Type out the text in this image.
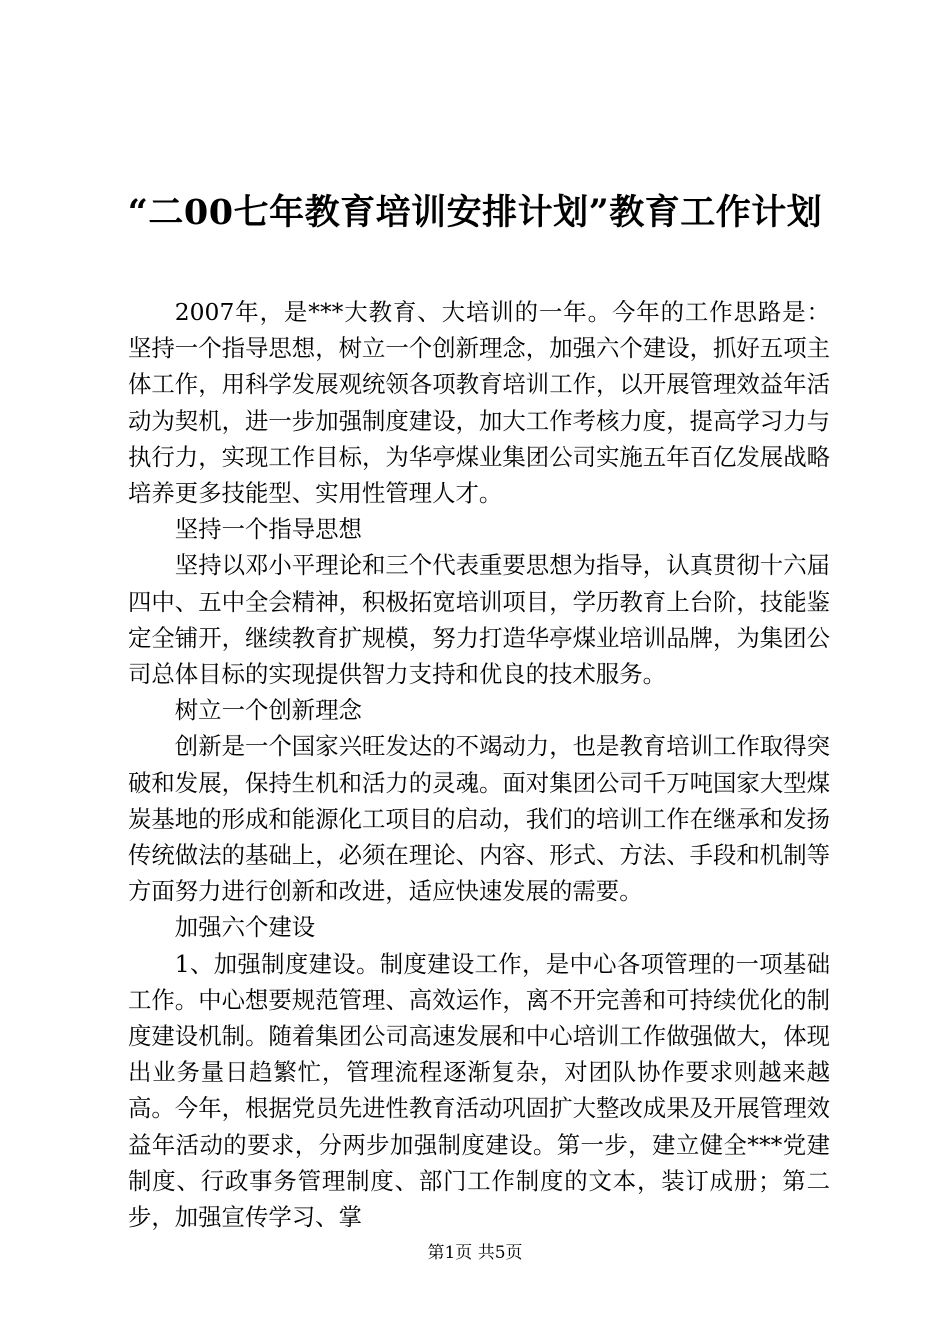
“二00七年教育培训安排计划”教育工作计划

2007年，是***大教育、大培训的一年。今年的工作思路是：坚持一个指导思想，树立一个创新理念，加强六个建设，抓好五项主体工作，用科学发展观统领各项教育培训工作，以开展管理效益年活动为契机，进一步加强制度建设，加大工作考核力度，提高学习力与执行力，实现工作目标，为华亭煤业集团公司实施五年百亿发展战略培养更多技能型、实用性管理人才。

坚持一个指导思想

坚持以邓小平理论和三个代表重要思想为指导，认真贯彻十六届四中、五中全会精神，积极拓宽培训项目，学历教育上台阶，技能鉴定全铺开，继续教育扩规模，努力打造华亭煤业培训品牌，为集团公司总体目标的实现提供智力支持和优良的技术服务。

树立一个创新理念

创新是一个国家兴旺发达的不竭动力，也是教育培训工作取得突破和发展，保持生机和活力的灵魂。面对集团公司千万吨国家大型煤炭基地的形成和能源化工项目的启动，我们的培训工作在继承和发扬传统做法的基础上，必须在理论、内容、形式、方法、手段和机制等方面努力进行创新和改进，适应快速发展的需要。

加强六个建设

1、加强制度建设。制度建设工作，是中心各项管理的一项基础工作。中心想要规范管理、高效运作，离不开完善和可持续优化的制度建设机制。随着集团公司高速发展和中心培训工作做强做大，体现出业务量日趋繁忙，管理流程逐渐复杂，对团队协作要求则越来越高。今年，根据党员先进性教育活动巩固扩大整改成果及开展管理效益年活动的要求，分两步加强制度建设。第一步，建立健全***党建制度、行政事务管理制度、部门工作制度的文本，装订成册；第二步，加强宣传学习、掌

第1页 共5页
